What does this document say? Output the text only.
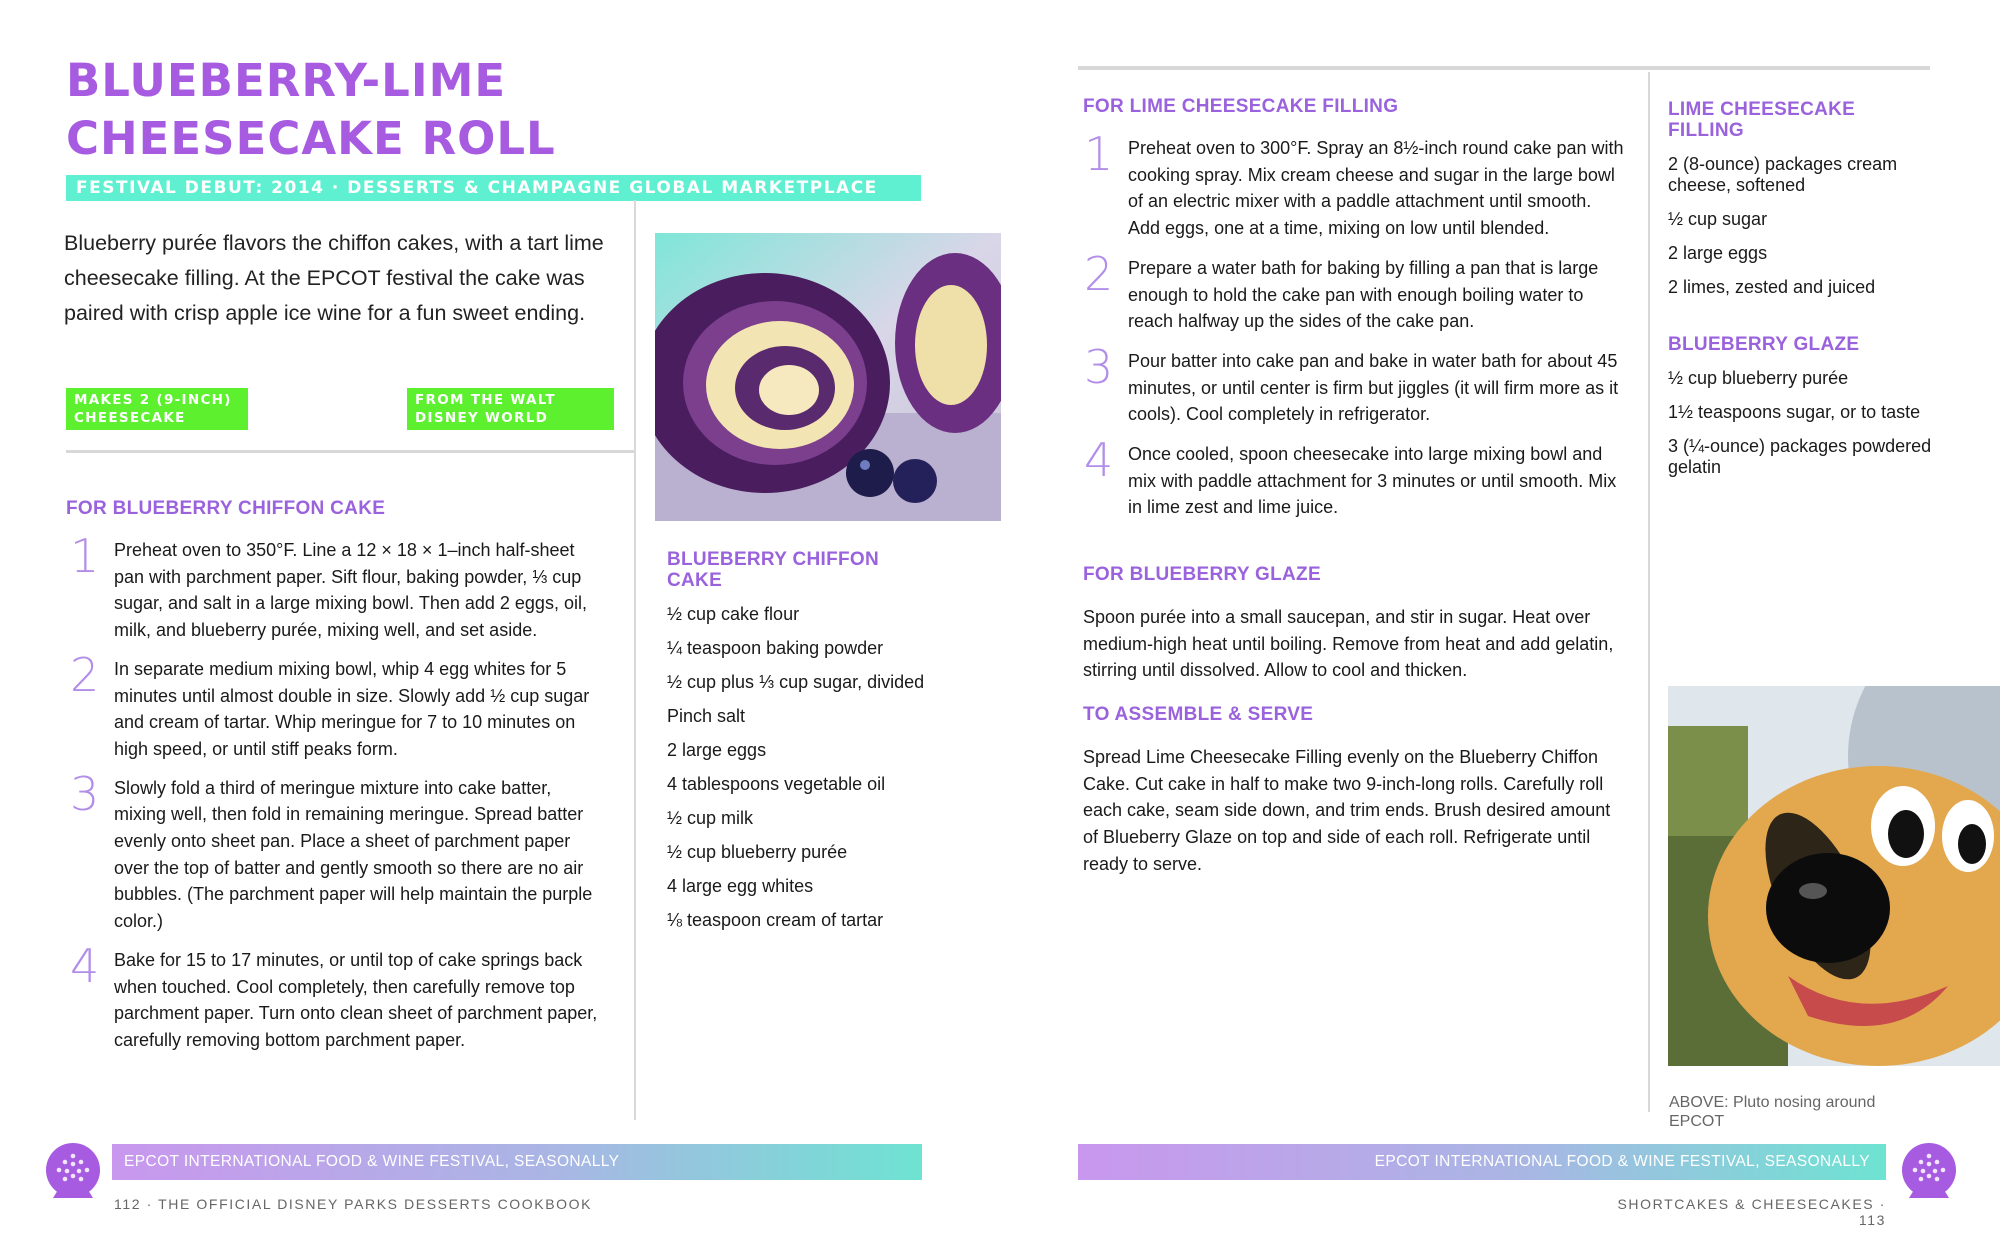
BLUEBERRY-LIME
CHEESECAKE ROLL
FESTIVAL DEBUT: 2014 · DESSERTS & CHAMPAGNE GLOBAL MARKETPLACE

Blueberry purée flavors the chiffon cakes, with a tart lime cheesecake filling. At the EPCOT festival the cake was paired with crisp apple ice wine for a fun sweet ending.

MAKES 2 (9-INCH)
CHEESECAKE ROLLS
FROM THE WALT
DISNEY WORLD RESORT
FOR BLUEBERRY CHIFFON CAKE
1 Preheat oven to 350°F. Line a 12 × 18 × 1–inch half-sheet pan with parchment paper. Sift flour, baking powder, ⅓ cup sugar, and salt in a large mixing bowl. Then add 2 eggs, oil, milk, and blueberry purée, mixing well, and set aside.
2 In separate medium mixing bowl, whip 4 egg whites for 5 minutes until almost double in size. Slowly add ½ cup sugar and cream of tartar. Whip meringue for 7 to 10 minutes on high speed, or until stiff peaks form.
3 Slowly fold a third of meringue mixture into cake batter, mixing well, then fold in remaining meringue. Spread batter evenly onto sheet pan. Place a sheet of parchment paper over the top of batter and gently smooth so there are no air bubbles. (The parchment paper will help maintain the purple color.)
4 Bake for 15 to 17 minutes, or until top of cake springs back when touched. Cool completely, then carefully remove top parchment paper. Turn onto clean sheet of parchment paper, carefully removing bottom parchment paper.
BLUEBERRY CHIFFON
CAKE
½ cup cake flour
¼ teaspoon baking powder
½ cup plus ⅓ cup sugar, divided
Pinch salt
2 large eggs
4 tablespoons vegetable oil
½ cup milk
½ cup blueberry purée
4 large egg whites
⅛ teaspoon cream of tartar
EPCOT INTERNATIONAL FOOD & WINE FESTIVAL, SEASONALLY
112 · THE OFFICIAL DISNEY PARKS DESSERTS COOKBOOK
FOR LIME CHEESECAKE FILLING
1 Preheat oven to 300°F. Spray an 8½-inch round cake pan with cooking spray. Mix cream cheese and sugar in the large bowl of an electric mixer with a paddle attachment until smooth. Add eggs, one at a time, mixing on low until blended.
2 Prepare a water bath for baking by filling a pan that is large enough to hold the cake pan with enough boiling water to reach halfway up the sides of the cake pan.
3 Pour batter into cake pan and bake in water bath for about 45 minutes, or until center is firm but jiggles (it will firm more as it cools). Cool completely in refrigerator.
4 Once cooled, spoon cheesecake into large mixing bowl and mix with paddle attachment for 3 minutes or until smooth. Mix in lime zest and lime juice.
FOR BLUEBERRY GLAZE

Spoon purée into a small saucepan, and stir in sugar. Heat over medium-high heat until boiling. Remove from heat and add gelatin, stirring until dissolved. Allow to cool and thicken.

TO ASSEMBLE & SERVE

Spread Lime Cheesecake Filling evenly on the Blueberry Chiffon Cake. Cut cake in half to make two 9-inch-long rolls. Carefully roll each cake, seam side down, and trim ends. Brush desired amount of Blueberry Glaze on top and side of each roll. Refrigerate until ready to serve.

LIME CHEESECAKE
FILLING
2 (8-ounce) packages cream cheese, softened
½ cup sugar
2 large eggs
2 limes, zested and juiced
BLUEBERRY GLAZE
½ cup blueberry purée
1½ teaspoons sugar, or to taste
3 (¼-ounce) packages powdered gelatin

ABOVE: Pluto nosing around
EPCOT

EPCOT INTERNATIONAL FOOD & WINE FESTIVAL, SEASONALLY
SHORTCAKES & CHEESECAKES · 113
